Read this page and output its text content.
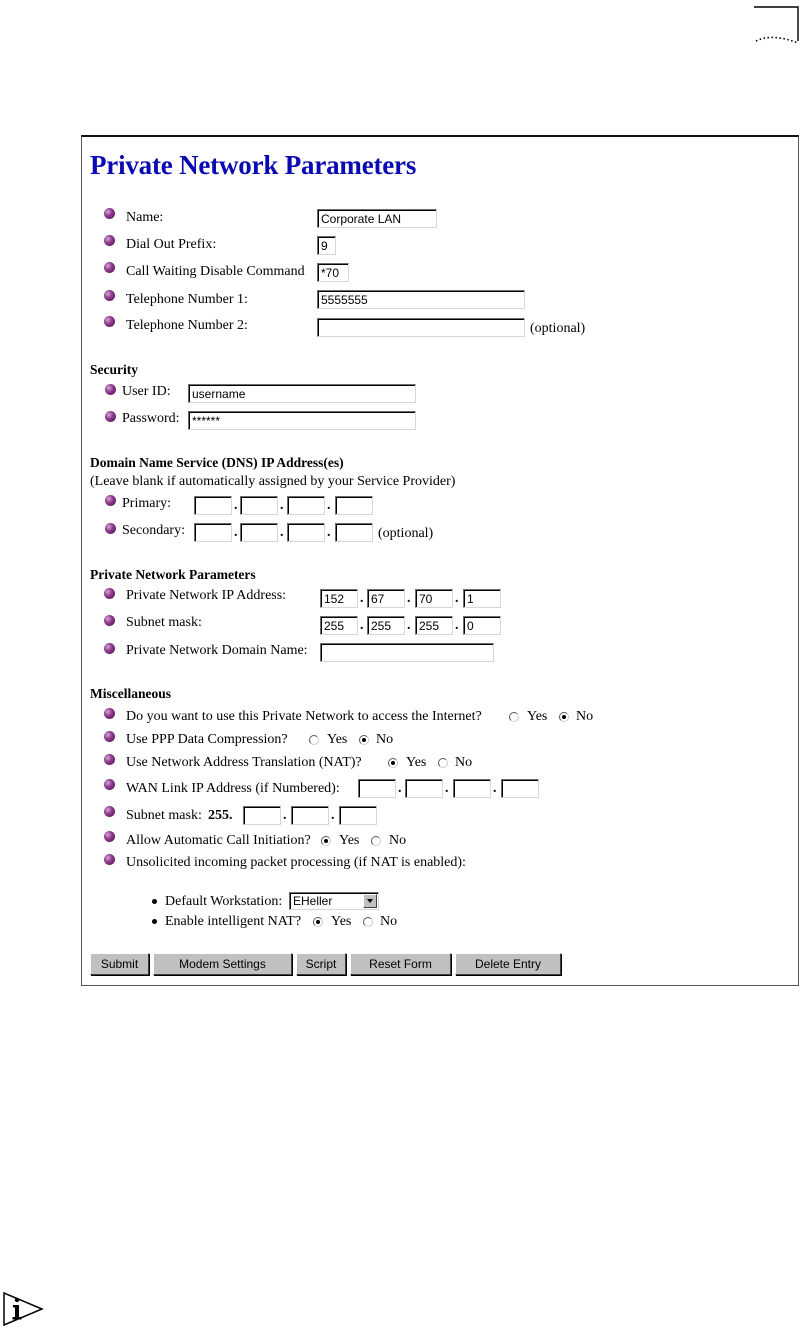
Private Network Parameters
Name:	Corporate LAN
Dial Out Prefix:	9
Call Waiting Disable Command	*70
Telephone Number 1:	5555555
Telephone Number 2:	(optional)
Security
User ID:	username
Password:	******
Domain Name Service (DNS) IP Address(es)
(Leave blank if automatically assigned by your Service Provider)
Primary:	.	.	.
Secondary:	.	.	.	(optional)
Private Network Parameters
Private Network IP Address:	152	. 67	. 70	. 1
Subnet mask:	255	. 255	. 255	. 0
Private Network Domain Name:
Miscellaneous
Do you want to use this Private Network to access the Internet?	Yes No
Use PPP Data Compression?	Yes No
Use Network Address Translation (NAT)?	Yes No
WAN Link IP Address (if Numbered):	.	.	.
Subnet mask: 255.	.	.
Allow Automatic Call Initiation? Yes No
Unsolicited incoming packet processing (if NAT is enabled):
Default Workstation: EHeller
Enable intelligent NAT? Yes No
Submit	Modem Settings	Script	Reset Form	Delete Entry
